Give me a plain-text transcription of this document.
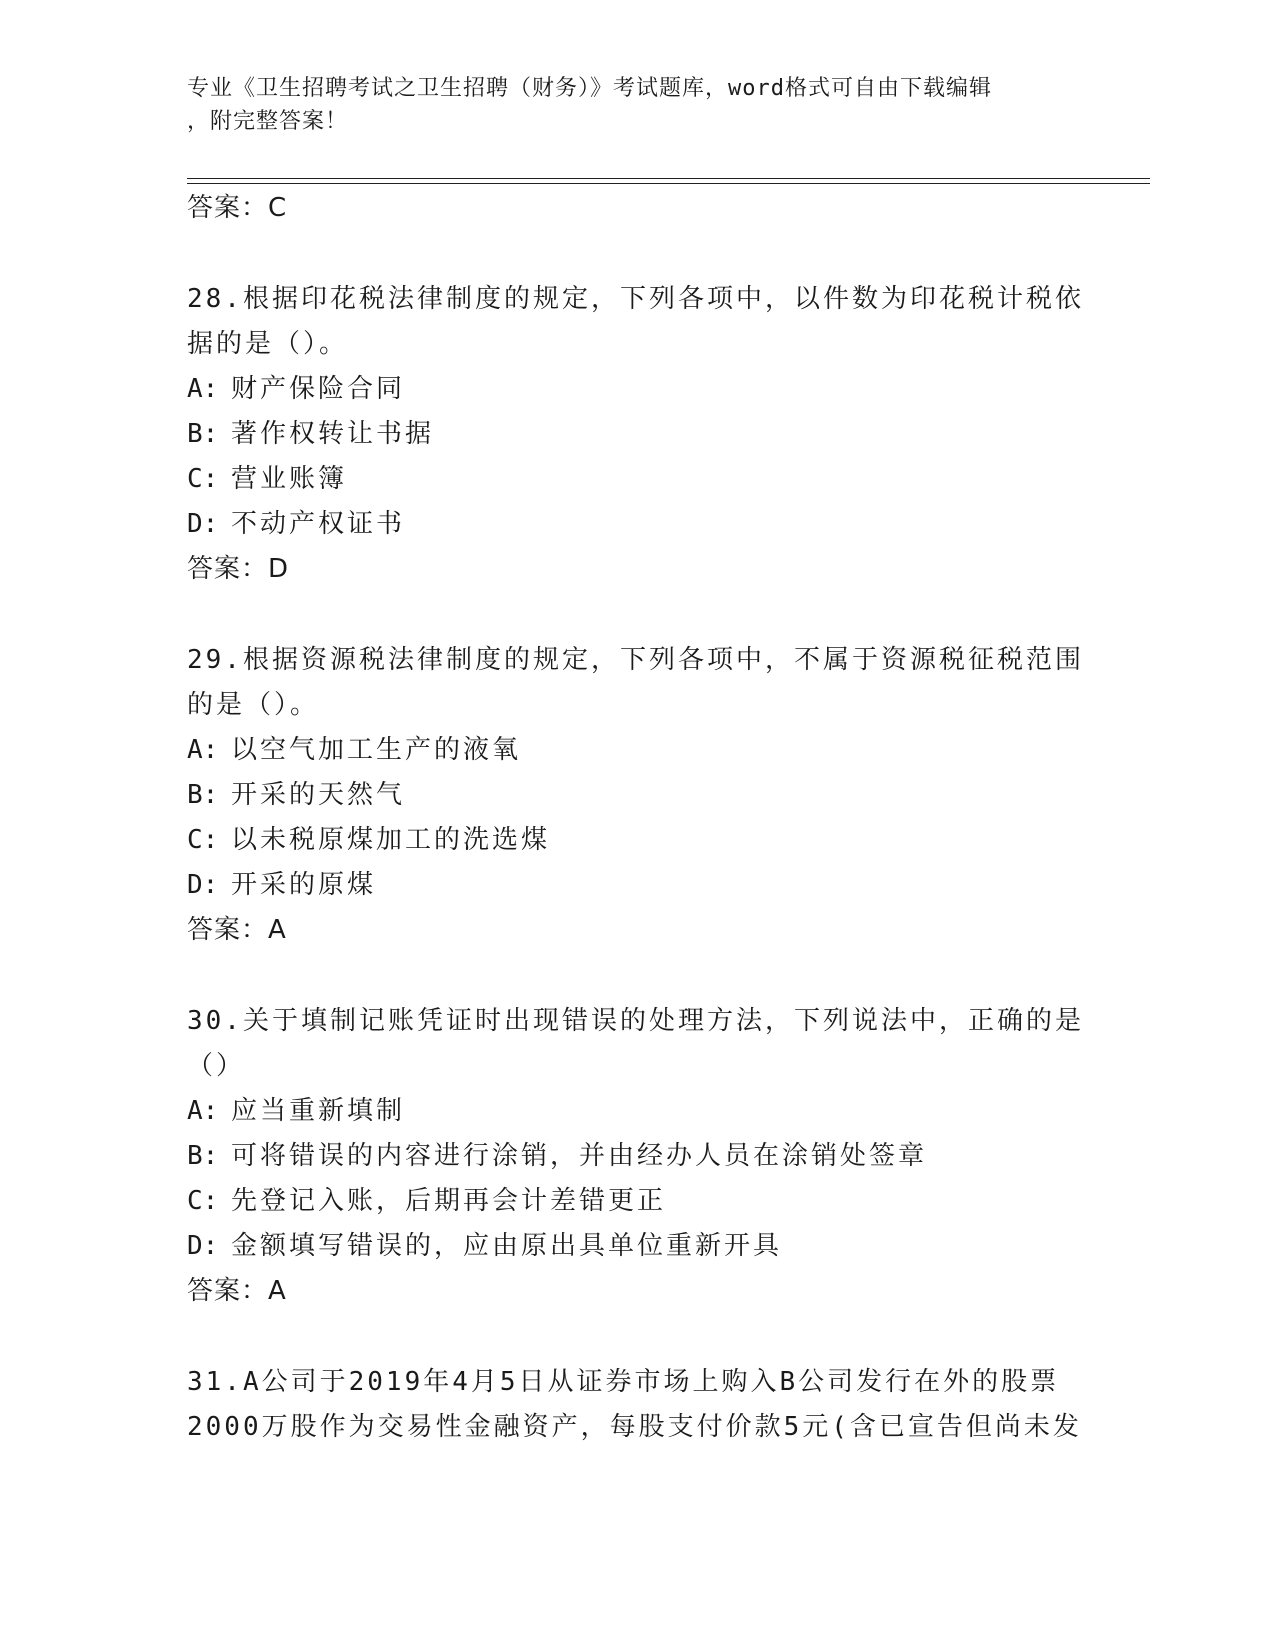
专业《卫生招聘考试之卫生招聘（财务）》考试题库，word格式可自由下载编辑
，附完整答案！
答案：C
28.根据印花税法律制度的规定，下列各项中，以件数为印花税计税依
据的是（）。
A: 财产保险合同
B: 著作权转让书据
C: 营业账簿
D: 不动产权证书
答案：D
29.根据资源税法律制度的规定，下列各项中，不属于资源税征税范围
的是（）。
A: 以空气加工生产的液氧
B: 开采的天然气
C: 以未税原煤加工的洗选煤
D: 开采的原煤
答案：A
30.关于填制记账凭证时出现错误的处理方法，下列说法中，正确的是
（）
A: 应当重新填制
B: 可将错误的内容进行涂销，并由经办人员在涂销处签章
C: 先登记入账，后期再会计差错更正
D: 金额填写错误的，应由原出具单位重新开具
答案：A
31.A公司于2019年4月5日从证券市场上购入B公司发行在外的股票
2000万股作为交易性金融资产，每股支付价款5元(含已宣告但尚未发
